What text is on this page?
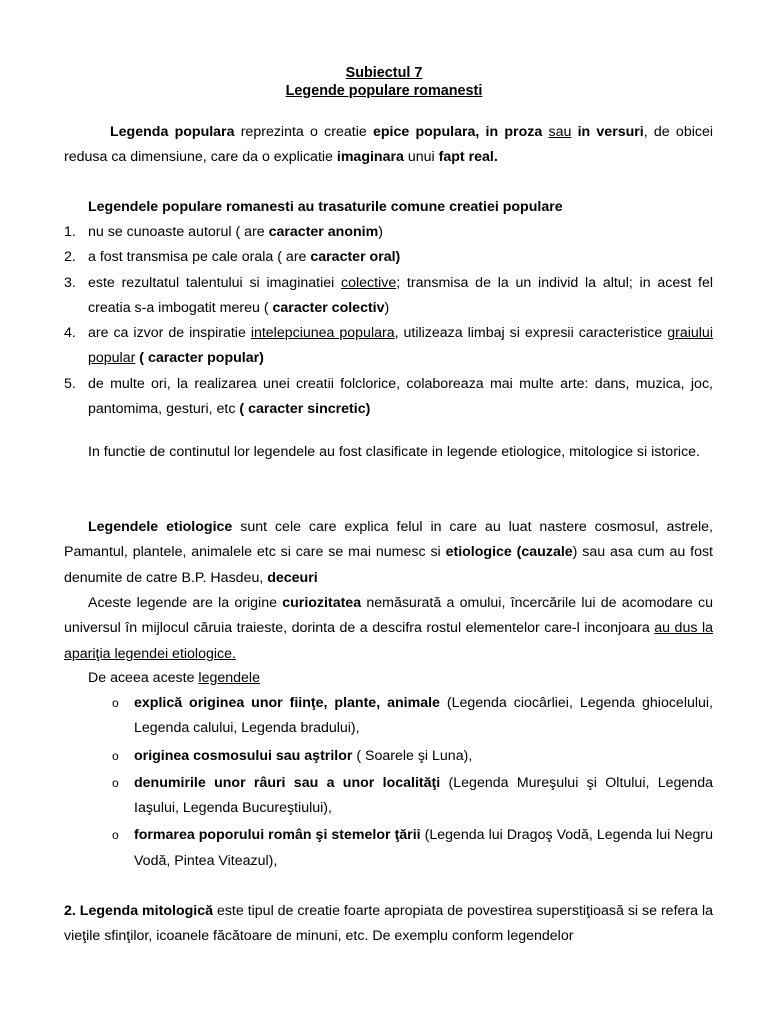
Subiectul 7
Legende populare romanesti

Legenda populara reprezinta o creatie epice populara, in proza sau in versuri, de obicei redusa ca dimensiune, care da o explicatie imaginara unui fapt real.

Legendele populare romanesti au trasaturile comune creatiei populare

1. nu se cunoaste autorul ( are caracter anonim)
2. a fost transmisa pe cale orala ( are caracter oral)
3. este rezultatul talentului si imaginatiei colective; transmisa de la un individ la altul; in acest fel creatia s-a imbogatit mereu ( caracter colectiv)
4. are ca izvor de inspiratie intelepciunea populara, utilizeaza limbaj si expresii caracteristice graiului popular ( caracter popular)
5. de multe ori, la realizarea unei creatii folclorice, colaboreaza mai multe arte: dans, muzica, joc, pantomima, gesturi, etc ( caracter sincretic)

In functie de continutul lor legendele au fost clasificate in legende etiologice, mitologice si istorice.

Legendele etiologice sunt cele care explica felul in care au luat nastere cosmosul, astrele, Pamantul, plantele, animalele etc si care se mai numesc si etiologice (cauzale) sau asa cum au fost denumite de catre B.P. Hasdeu, deceuri

Aceste legende are la origine curiozitatea nemăsurată a omului, încercările lui de acomodare cu universul în mijlocul căruia traieste, dorinta de a descifra rostul elementelor care-l inconjoara au dus la apariţia legendei etiologice.

De aceea aceste legendele

o explică originea unor fiinţe, plante, animale (Legenda ciocârliei, Legenda ghiocelului, Legenda calului, Legenda bradului),
o originea cosmosului sau aştrilor ( Soarele şi Luna),
o denumirile unor râuri sau a unor localităţi (Legenda Mureşului şi Oltului, Legenda Iaşului, Legenda Bucureştiului),
o formarea poporului român şi stemelor ţării (Legenda lui Dragoş Vodă, Legenda lui Negru Vodă, Pintea Viteazul),

2. Legenda mitologică este tipul de creatie foarte apropiata de povestirea superstiţioasă si se refera la vieţile sfinţilor, icoanele făcătoare de minuni, etc. De exemplu conform legendelor
